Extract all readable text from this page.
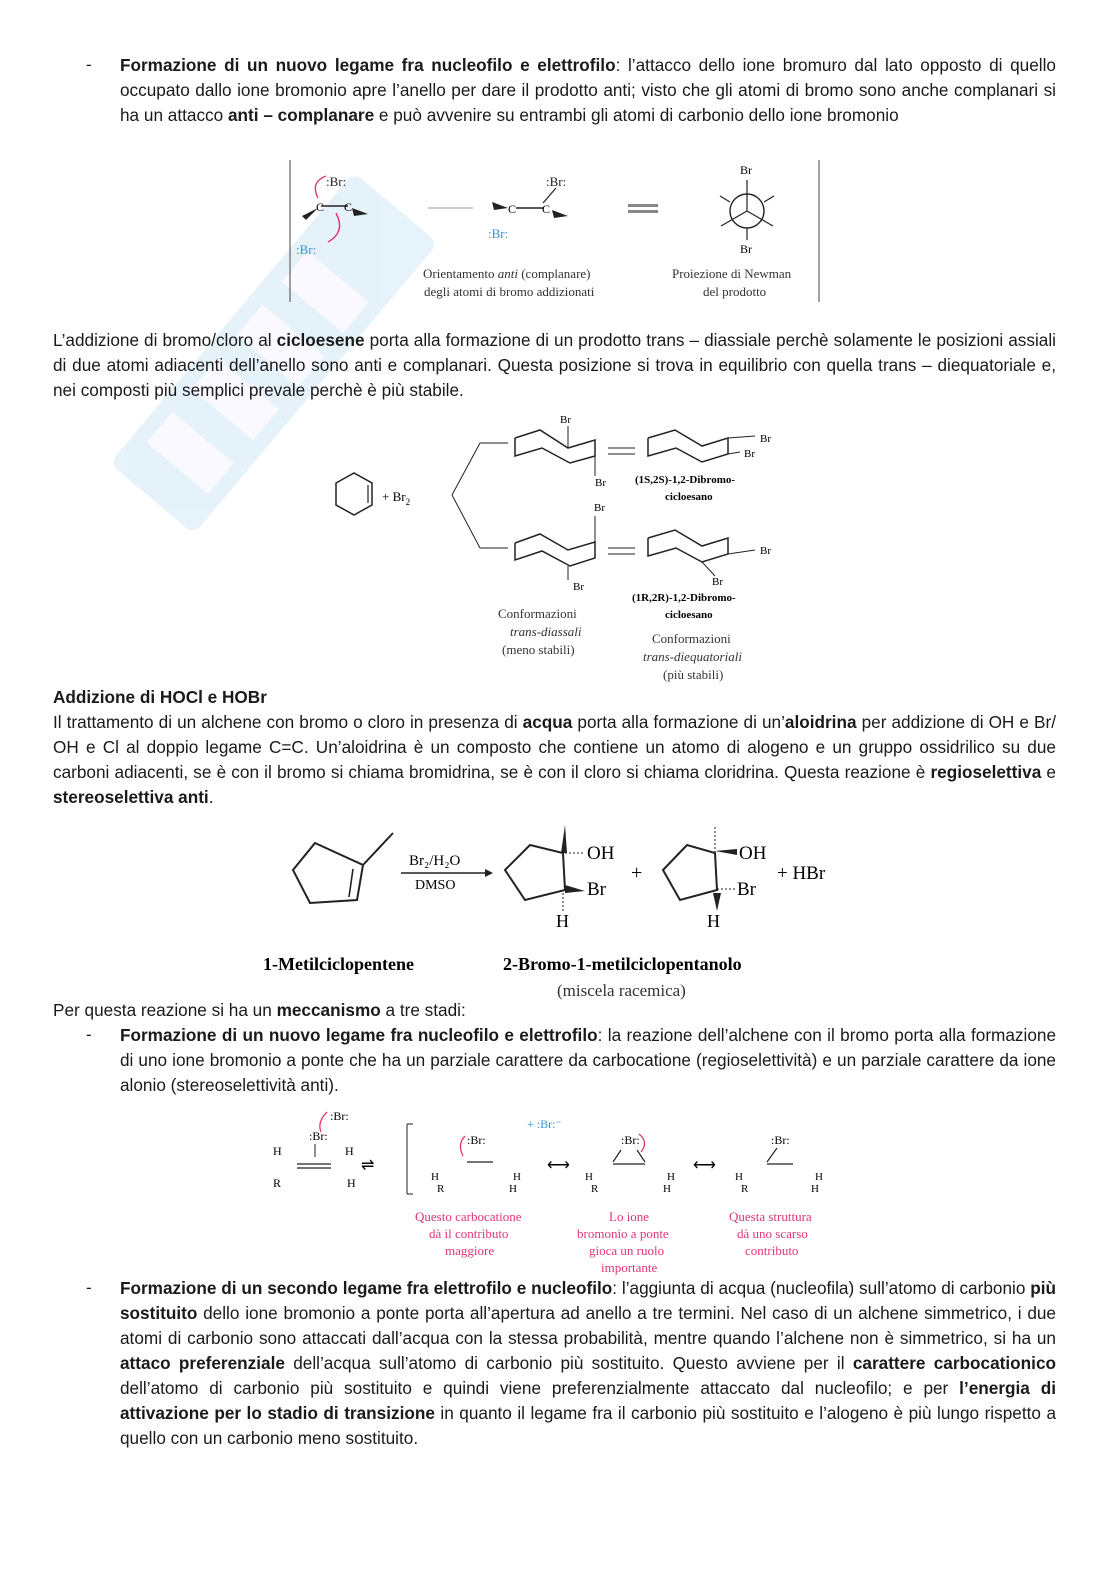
- Formazione di un nuovo legame fra nucleofilo e elettrofilo: l’attacco dello ione bromuro dal lato opposto di quello occupato dallo ione bromonio apre l’anello per dare il prodotto anti; visto che gli atomi di bromo sono anche complanari si ha un attacco anti – complanare e può avvenire su entrambi gli atomi di carbonio dello ione bromonio
:Br:
C C
:Br:
:Br:
C C
:Br:
Br
Br
Orientamento anti (complanare)
degli atomi di bromo addizionati
Proiezione di Newman
del prodotto
L’addizione di bromo/cloro al cicloesene porta alla formazione di un prodotto trans – diassiale perchè solamente le posizioni assiali di due atomi adiacenti dell’anello sono anti e complanari. Questa posizione si trova in equilibrio con quella trans – diequatoriale e, nei composti più semplici prevale perchè è più stabile.
+ $Br_2$
Br
Br
Br
Br
(1S,2S)-1,2-Dibromo-
cicloesano
Br
Br
Br
Br
(1R,2R)-1,2-Dibromo-
cicloesano
Conformazioni
trans-diassali
(meno stabili)
Conformazioni
trans-diequatoriali
(più stabili)
Addizione di HOCl e HOBr
Il trattamento di un alchene con bromo o cloro in presenza di acqua porta alla formazione di un’aloidrina per addizione di OH e Br/ OH e Cl al doppio legame C=C. Un’aloidrina è un composto che contiene un atomo di alogeno e un gruppo ossidrilico su due carboni adiacenti, se è con il bromo si chiama bromidrina, se è con il cloro si chiama cloridrina. Questa reazione è regioselettiva e stereoselettiva anti.
Br₂/H₂O
DMSO
OH
Br
H
+
OH
Br
H
+ HBr
1-Metilciclopentene	2-Bromo-1-metilciclopentanolo
(miscela racemica)
Per questa reazione si ha un meccanismo a tre stadi:
- Formazione di un nuovo legame fra nucleofilo e elettrofilo: la reazione dell’alchene con il bromo porta alla formazione di uno ione bromonio a ponte che ha un parziale carattere da carbocatione (regioselettività) e un parziale carattere da ione alonio (stereoselettività anti).
:Br:
:Br:
H
R
H
H
⇌
+ :Br:⁻
:Br:
H
R
H
H
⟷
:Br:
H
R
H
H
⟷
:Br:
H
R
H
H
Questo carbocatione
dà il contributo
maggiore
Lo ione
bromonio a ponte
gioca un ruolo
importante
Questa struttura
dà uno scarso
contributo
- Formazione di un secondo legame fra elettrofilo e nucleofilo: l’aggiunta di acqua (nucleofila) sull’atomo di carbonio più sostituito dello ione bromonio a ponte porta all’apertura ad anello a tre termini. Nel caso di un alchene simmetrico, i due atomi di carbonio sono attaccati dall’acqua con la stessa probabilità, mentre quando l’alchene non è simmetrico, si ha un attaco preferenziale dell’acqua sull’atomo di carbonio più sostituito. Questo avviene per il carattere carbocationico dell’atomo di carbonio più sostituito e quindi viene preferenzialmente attaccato dal nucleofilo; e per l’energia di attivazione per lo stadio di transizione in quanto il legame fra il carbonio più sostituito e l’alogeno è più lungo rispetto a quello con un carbonio meno sostituito.
